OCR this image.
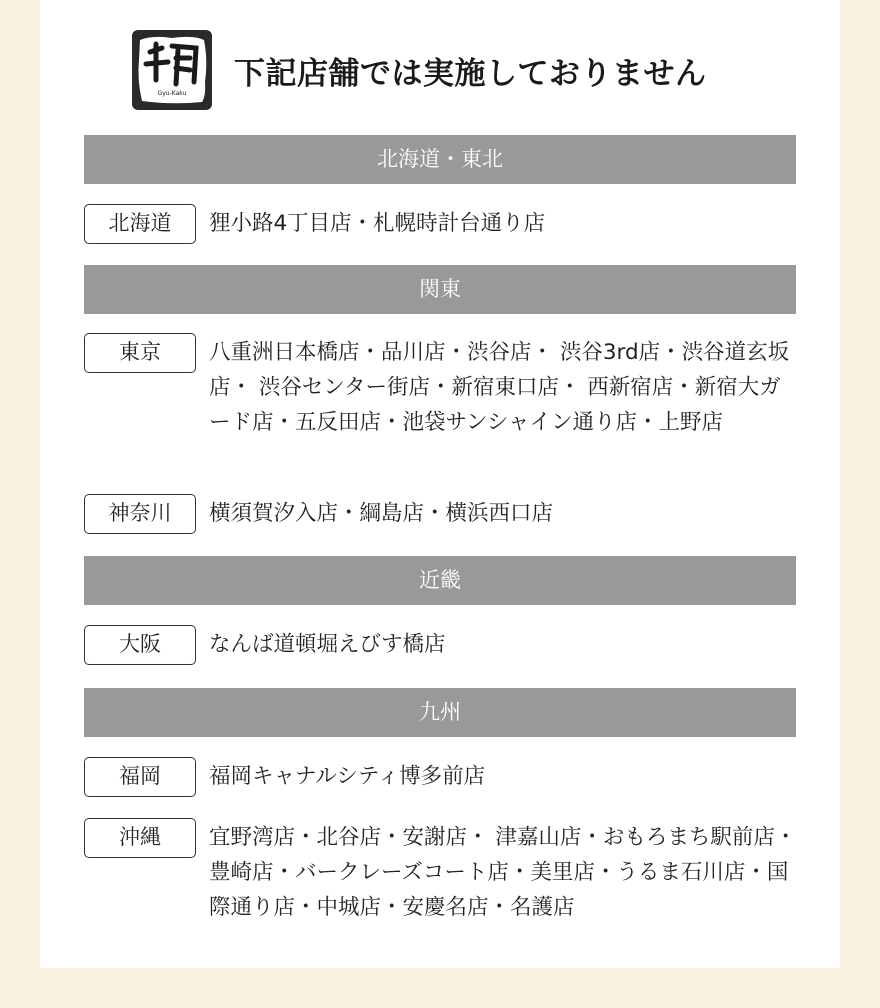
Gyu-Kaku
下記店舗では実施しておりません
北海道・東北
北海道	狸小路4丁目店・札幌時計台通り店
関東
東京	八重洲日本橋店・品川店・渋谷店・ 渋谷3rd店・渋谷道玄坂店・ 渋谷センター街店・新宿東口店・ 西新宿店・新宿大ガード店・五反田店・池袋サンシャイン通り店・上野店
神奈川	横須賀汐入店・綱島店・横浜西口店
近畿
大阪	なんば道頓堀えびす橋店
九州
福岡	福岡キャナルシティ博多前店
沖縄	宜野湾店・北谷店・安謝店・ 津嘉山店・おもろまち駅前店・ 豊崎店・バークレーズコート店・美里店・うるま石川店・国際通り店・中城店・安慶名店・名護店
